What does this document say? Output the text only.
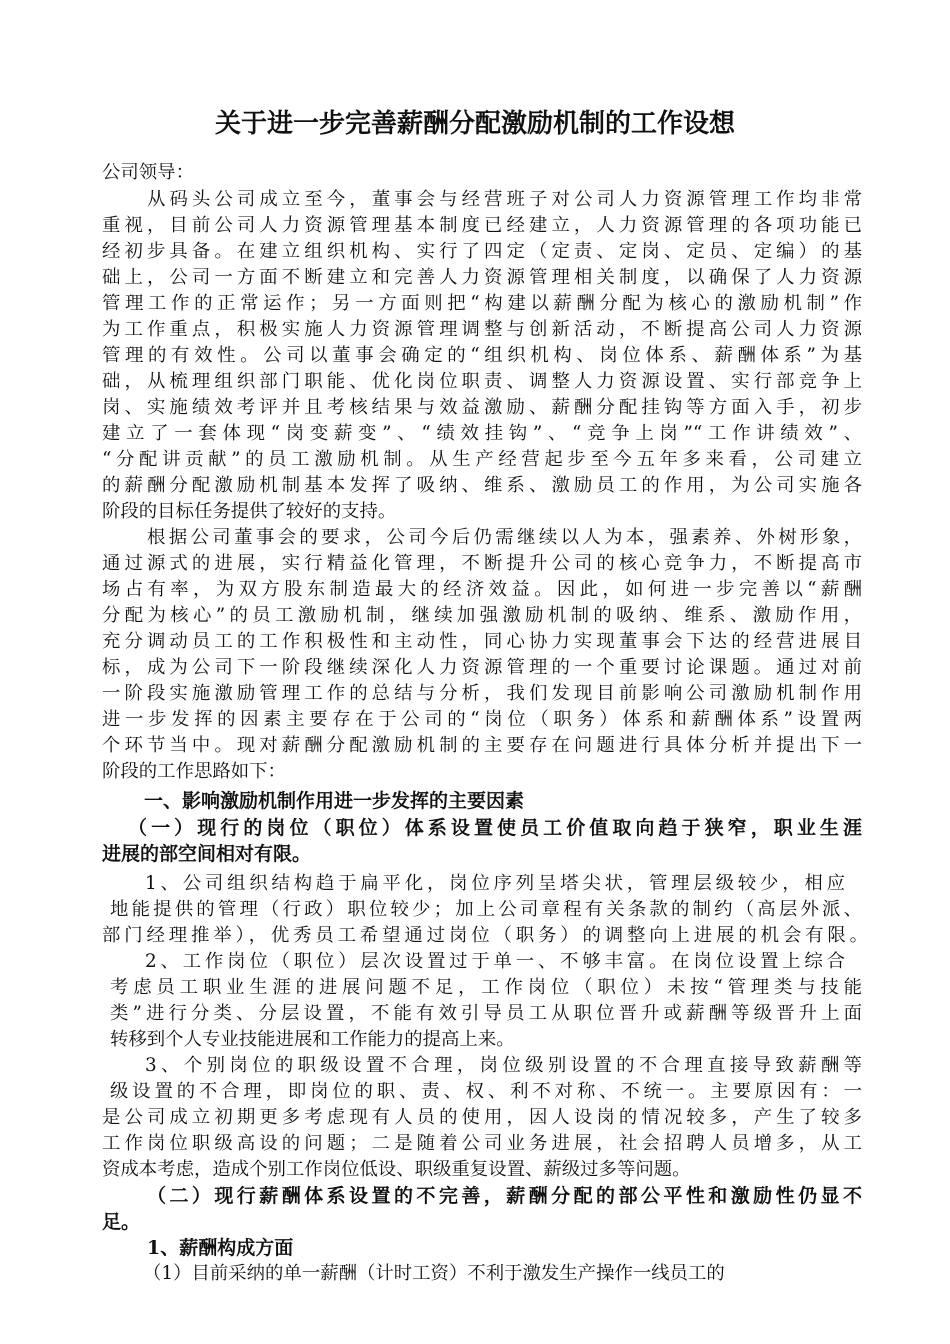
关于进一步完善薪酬分配激励机制的工作设想
公司领导：
从码头公司成立至今，董事会与经营班子对公司人力资源管理工作均非常
重视，目前公司人力资源管理基本制度已经建立，人力资源管理的各项功能已
经初步具备。在建立组织机构、实行了四定（定责、定岗、定员、定编）的基
础上，公司一方面不断建立和完善人力资源管理相关制度，以确保了人力资源
管理工作的正常运作；另一方面则把“构建以薪酬分配为核心的激励机制”作
为工作重点，积极实施人力资源管理调整与创新活动，不断提高公司人力资源
管理的有效性。公司以董事会确定的“组织机构、岗位体系、薪酬体系”为基
础，从梳理组织部门职能、优化岗位职责、调整人力资源设置、实行部竞争上
岗、实施绩效考评并且考核结果与效益激励、薪酬分配挂钩等方面入手，初步
建立了一套体现“岗变薪变”、“绩效挂钩”、“竞争上岗”“工作讲绩效”、
“分配讲贡献”的员工激励机制。从生产经营起步至今五年多来看，公司建立
的薪酬分配激励机制基本发挥了吸纳、维系、激励员工的作用，为公司实施各
阶段的目标任务提供了较好的支持。
根据公司董事会的要求，公司今后仍需继续以人为本，强素养、外树形象，
通过源式的进展，实行精益化管理，不断提升公司的核心竞争力，不断提高市
场占有率，为双方股东制造最大的经济效益。因此，如何进一步完善以“薪酬
分配为核心”的员工激励机制，继续加强激励机制的吸纳、维系、激励作用，
充分调动员工的工作积极性和主动性，同心协力实现董事会下达的经营进展目
标，成为公司下一阶段继续深化人力资源管理的一个重要讨论课题。通过对前
一阶段实施激励管理工作的总结与分析，我们发现目前影响公司激励机制作用
进一步发挥的因素主要存在于公司的“岗位（职务）体系和薪酬体系”设置两
个环节当中。现对薪酬分配激励机制的主要存在问题进行具体分析并提出下一
阶段的工作思路如下：
一、影响激励机制作用进一步发挥的主要因素
（一）现行的岗位（职位）体系设置使员工价值取向趋于狭窄，职业生涯
进展的部空间相对有限。
1、公司组织结构趋于扁平化，岗位序列呈塔尖状，管理层级较少，相应
地能提供的管理（行政）职位较少；加上公司章程有关条款的制约（高层外派、
部门经理推举），优秀员工希望通过岗位（职务）的调整向上进展的机会有限。
2、工作岗位（职位）层次设置过于单一、不够丰富。在岗位设置上综合
考虑员工职业生涯的进展问题不足，工作岗位（职位）未按“管理类与技能
类”进行分类、分层设置，不能有效引导员工从职位晋升或薪酬等级晋升上面
转移到个人专业技能进展和工作能力的提高上来。
3、个别岗位的职级设置不合理，岗位级别设置的不合理直接导致薪酬等
级设置的不合理，即岗位的职、责、权、利不对称、不统一。主要原因有：一
是公司成立初期更多考虑现有人员的使用，因人设岗的情况较多，产生了较多
工作岗位职级高设的问题；二是随着公司业务进展，社会招聘人员增多，从工
资成本考虑，造成个别工作岗位低设、职级重复设置、薪级过多等问题。
（二）现行薪酬体系设置的不完善，薪酬分配的部公平性和激励性仍显不
足。
1、薪酬构成方面
（1）目前采纳的单一薪酬（计时工资）不利于激发生产操作一线员工的
